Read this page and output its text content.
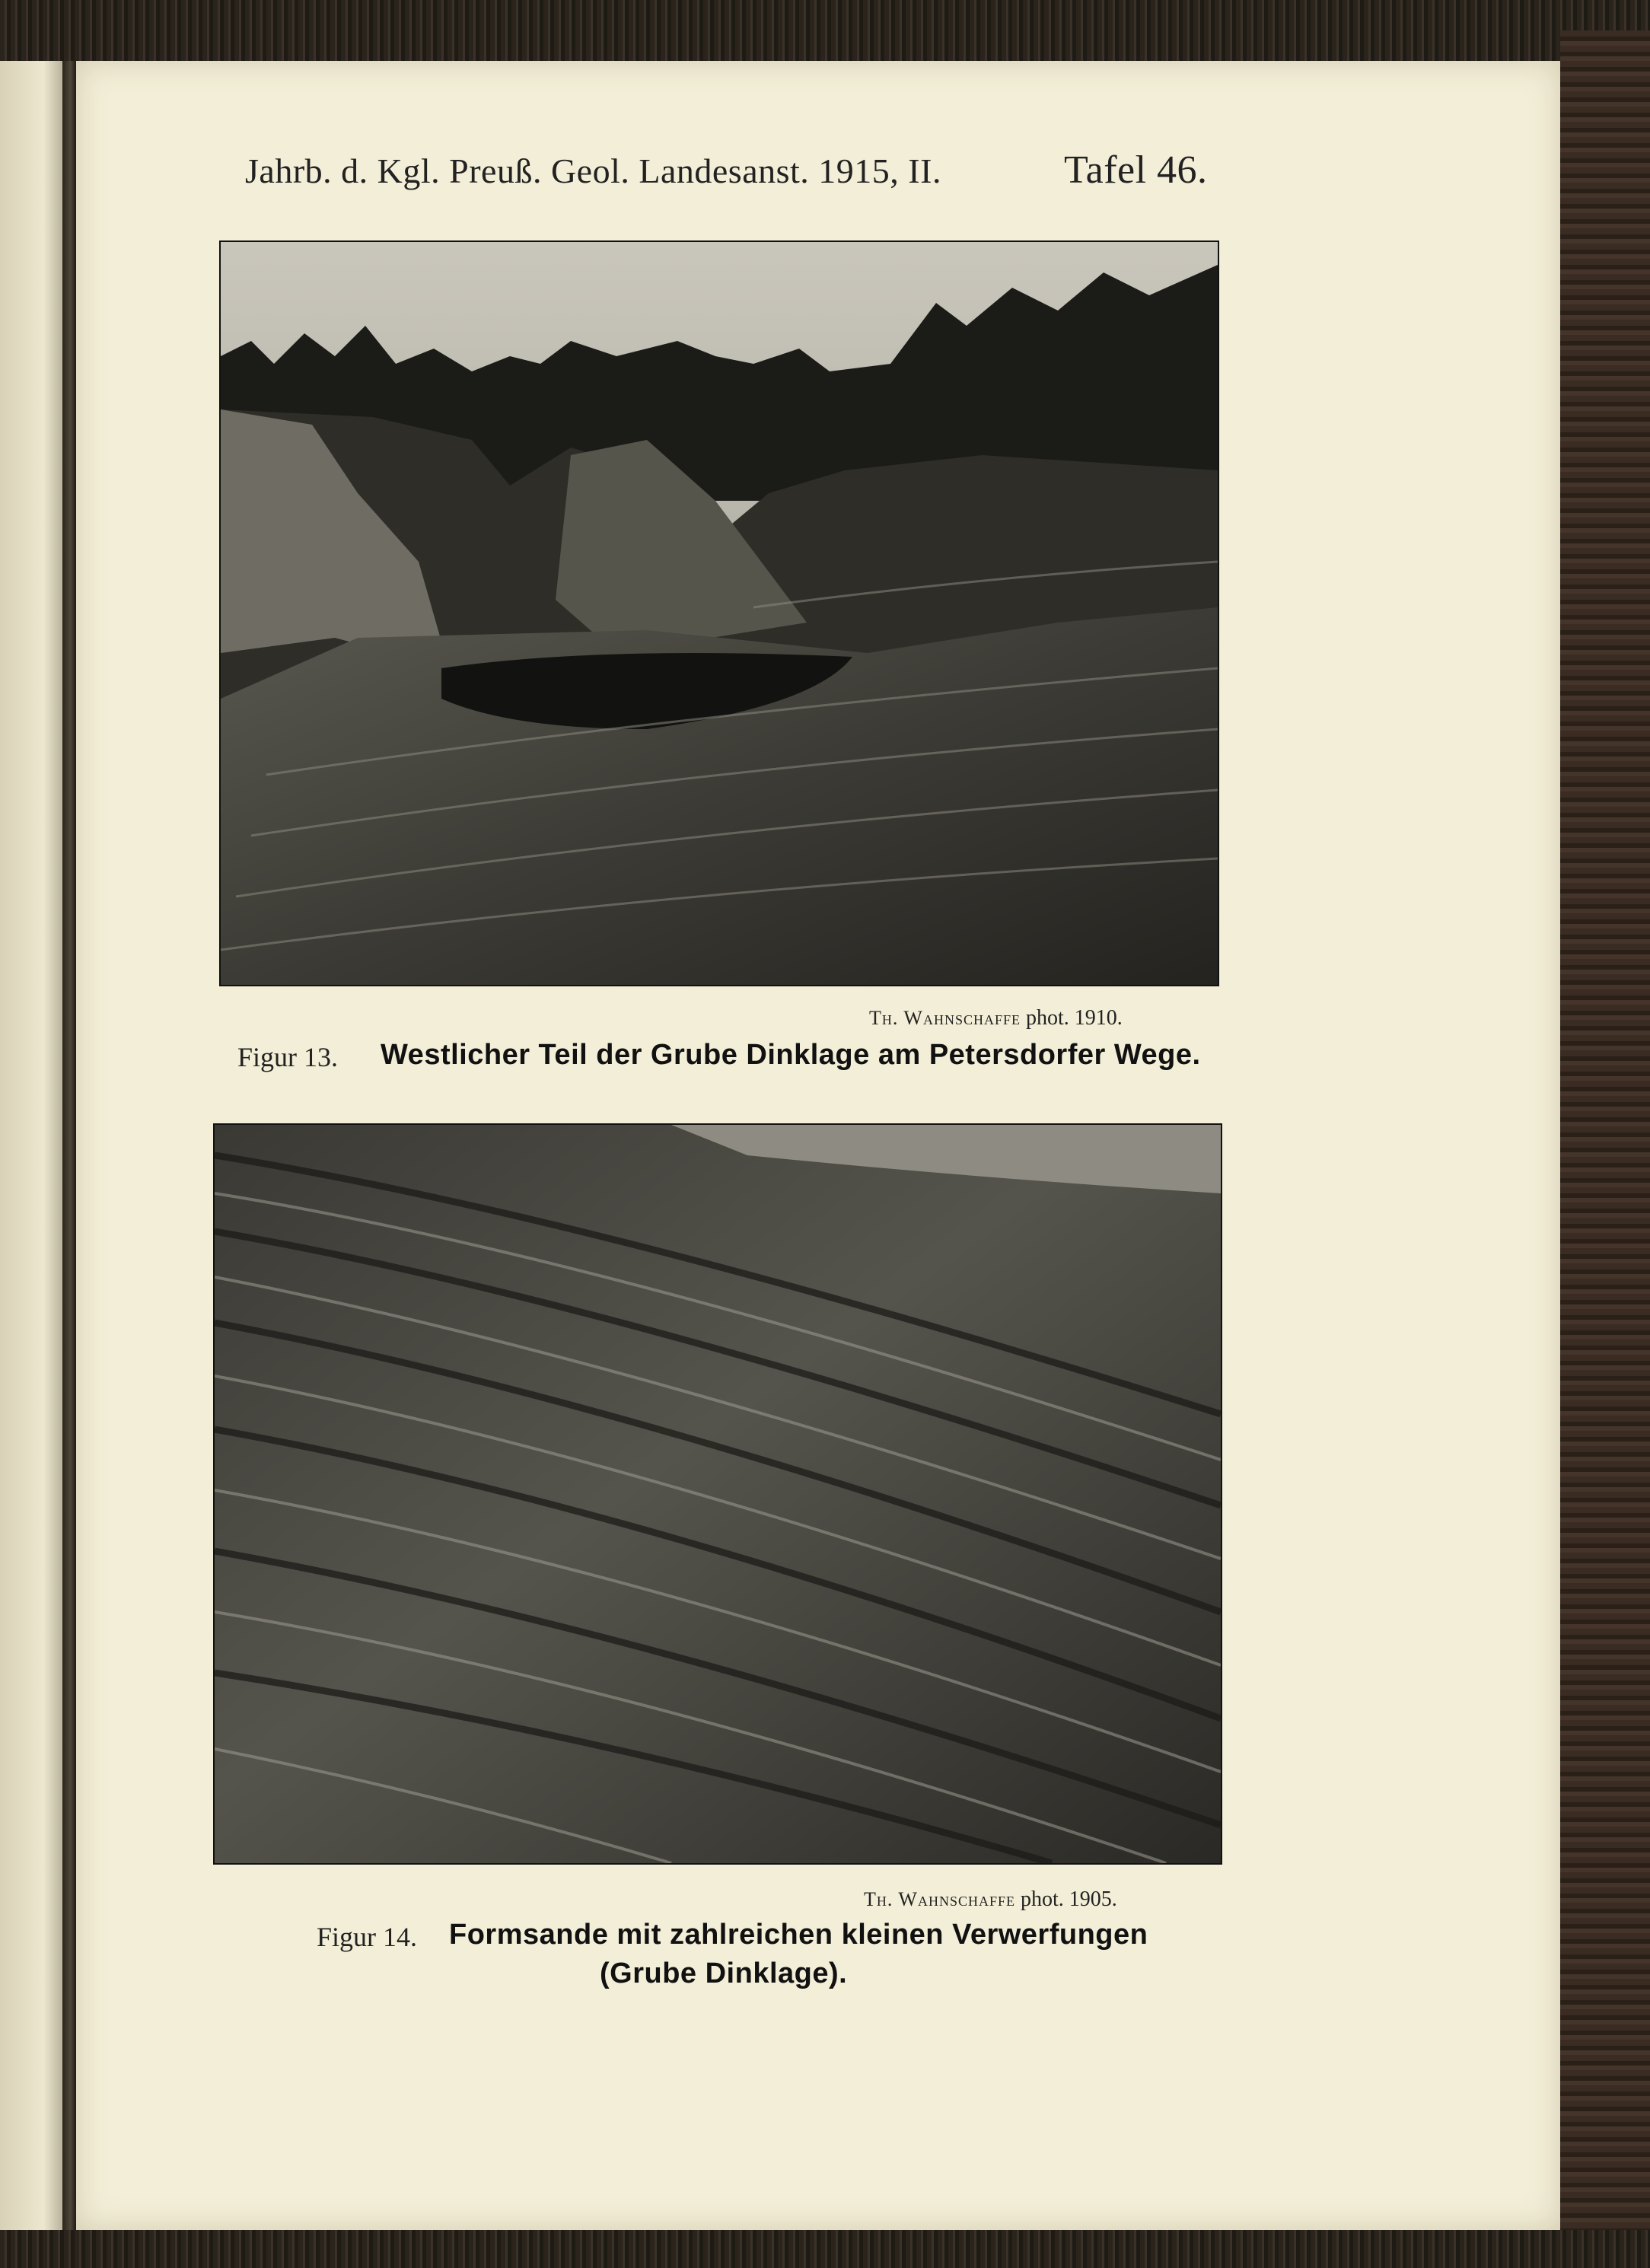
Jahrb. d. Kgl. Preuß. Geol. Landesanst. 1915, II.	Tafel 46.
Th. Wahnschaffe phot. 1910.
Figur 13. Westlicher Teil der Grube Dinklage am Petersdorfer Wege.
Th. Wahnschaffe phot. 1905.
Figur 14. Formsande mit zahlreichen kleinen Verwerfungen
(Grube Dinklage).
